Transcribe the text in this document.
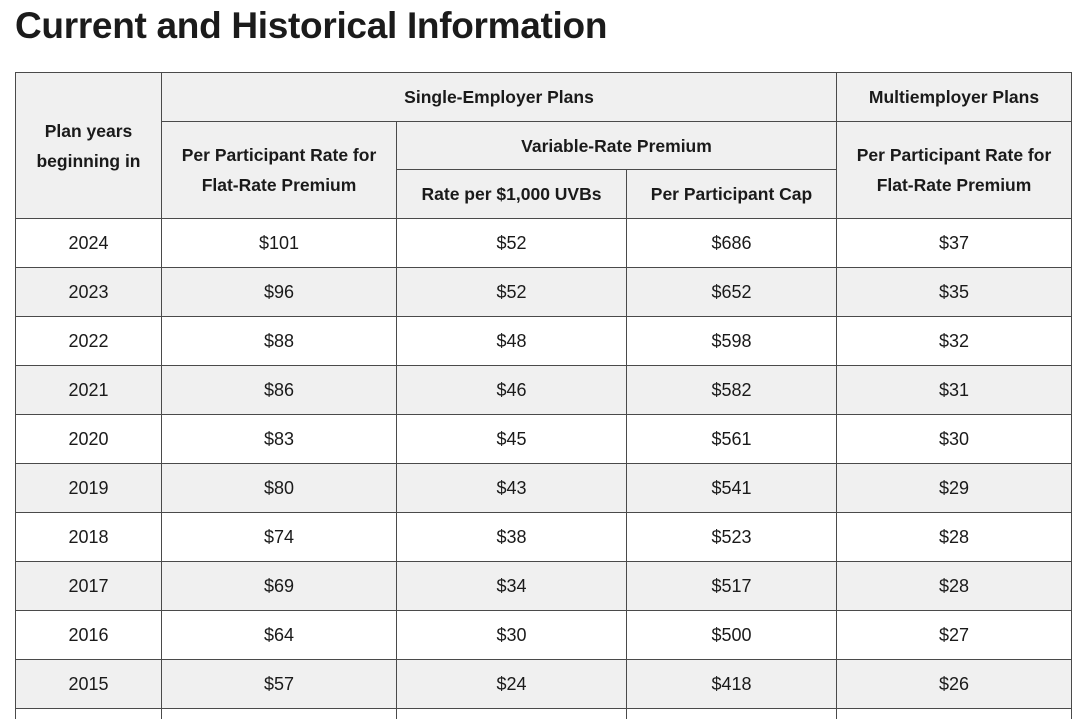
Current and Historical Information
Plan years beginning in	Single-Employer Plans			Multiemployer Plans
	Per Participant Rate for Flat-Rate Premium	Variable-Rate Premium		Per Participant Rate for Flat-Rate Premium
		Rate per $1,000 UVBs	Per Participant Cap	
2024	$101	$52	$686	$37
2023	$96	$52	$652	$35
2022	$88	$48	$598	$32
2021	$86	$46	$582	$31
2020	$83	$45	$561	$30
2019	$80	$43	$541	$29
2018	$74	$38	$523	$28
2017	$69	$34	$517	$28
2016	$64	$30	$500	$27
2015	$57	$24	$418	$26
